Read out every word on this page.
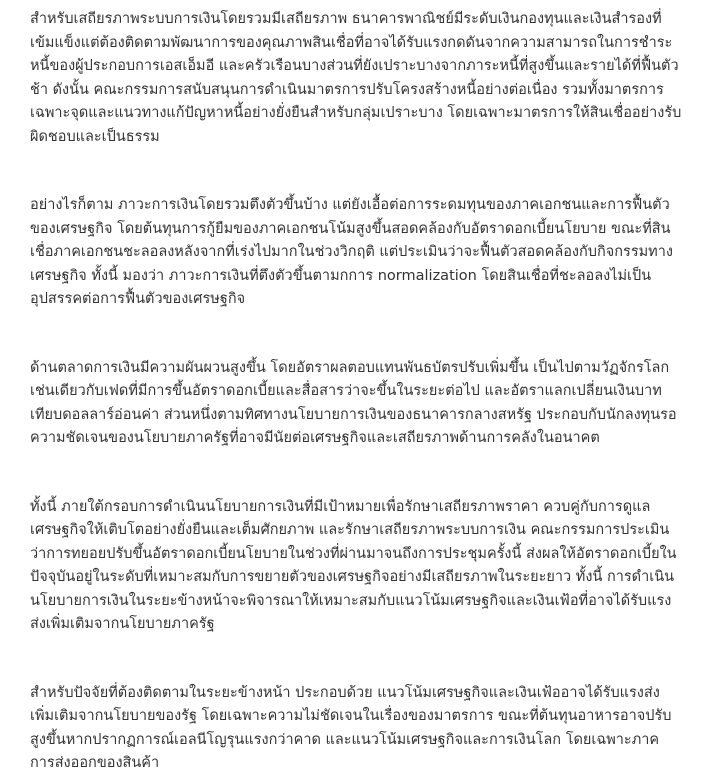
สำหรับเสถียรภาพระบบการเงินโดยรวมมีเสถียรภาพ ธนาคารพาณิชย์มีระดับเงินกองทุนและเงินสำรองที่เข้มแข็งแต่ต้องติดตามพัฒนาการของคุณภาพสินเชื่อที่อาจได้รับแรงกดดันจากความสามารถในการชำระหนี้ของผู้ประกอบการเอสเอ็มอี และครัวเรือนบางส่วนที่ยังเปราะบางจากภาระหนี้ที่สูงขึ้นและรายได้ที่ฟื้นตัวช้า ดังนั้น คณะกรรมการสนับสนุนการดำเนินมาตรการปรับโครงสร้างหนี้อย่างต่อเนื่อง รวมทั้งมาตรการเฉพาะจุดและแนวทางแก้ปัญหาหนี้อย่างยั่งยืนสำหรับกลุ่มเปราะบาง โดยเฉพาะมาตรการให้สินเชื่ออย่างรับผิดชอบและเป็นธรรม

อย่างไรก็ตาม ภาวะการเงินโดยรวมตึงตัวขึ้นบ้าง แต่ยังเอื้อต่อการระดมทุนของภาคเอกชนและการฟื้นตัวของเศรษฐกิจ โดยต้นทุนการกู้ยืมของภาคเอกชนโน้มสูงขึ้นสอดคล้องกับอัตราดอกเบี้ยนโยบาย ขณะที่สินเชื่อภาคเอกชนชะลอลงหลังจากที่เร่งไปมากในช่วงวิกฤติ แต่ประเมินว่าจะฟื้นตัวสอดคล้องกับกิจกรรมทางเศรษฐกิจ ทั้งนี้ มองว่า ภาวะการเงินที่ตึงตัวขึ้นตามกการ normalization โดยสินเชื่อที่ชะลอลงไม่เป็นอุปสรรคต่อการฟื้นตัวของเศรษฐกิจ

ด้านตลาดการเงินมีความผันผวนสูงขึ้น โดยอัตราผลตอบแทนพันธบัตรปรับเพิ่มขึ้น เป็นไปตามวัฏจักรโลก เช่นเดียวกับเฟดที่มีการขึ้นอัตราดอกเบี้ยและสื่อสารว่าจะขึ้นในระยะต่อไป และอัตราแลกเปลี่ยนเงินบาทเทียบดอลลาร์อ่อนค่า ส่วนหนึ่งตามทิศทางนโยบายการเงินของธนาคารกลางสหรัฐ ประกอบกับนักลงทุนรอความชัดเจนของนโยบายภาครัฐที่อาจมีนัยต่อเศรษฐกิจและเสถียรภาพด้านการคลังในอนาคต

ทั้งนี้ ภายใต้กรอบการดำเนินนโยบายการเงินที่มีเป้าหมายเพื่อรักษาเสถียรภาพราคา ควบคู่กับการดูแลเศรษฐกิจให้เติบโตอย่างยั่งยืนและเต็มศักยภาพ และรักษาเสถียรภาพระบบการเงิน คณะกรรมการประเมินว่าการทยอยปรับขึ้นอัตราดอกเบี้ยนโยบายในช่วงที่ผ่านมาจนถึงการประชุมครั้งนี้ ส่งผลให้อัตราดอกเบี้ยในปัจจุบันอยู่ในระดับที่เหมาะสมกับการขยายตัวของเศรษฐกิจอย่างมีเสถียรภาพในระยะยาว ทั้งนี้ การดำเนินนโยบายการเงินในระยะข้างหน้าจะพิจารณาให้เหมาะสมกับแนวโน้มเศรษฐกิจและเงินเฟ้อที่อาจได้รับแรงส่งเพิ่มเติมจากนโยบายภาครัฐ

สำหรับปัจจัยที่ต้องติดตามในระยะข้างหน้า ประกอบด้วย แนวโน้มเศรษฐกิจและเงินเฟ้ออาจได้รับแรงส่งเพิ่มเติมจากนโยบายของรัฐ โดยเฉพาะความไม่ชัดเจนในเรื่องของมาตรการ ขณะที่ต้นทุนอาหารอาจปรับสูงขึ้นหากปรากฏการณ์เอลนีโญรุนแรงกว่าคาด และแนวโน้มเศรษฐกิจและการเงินโลก โดยเฉพาะภาคการส่งออกของสินค้า
